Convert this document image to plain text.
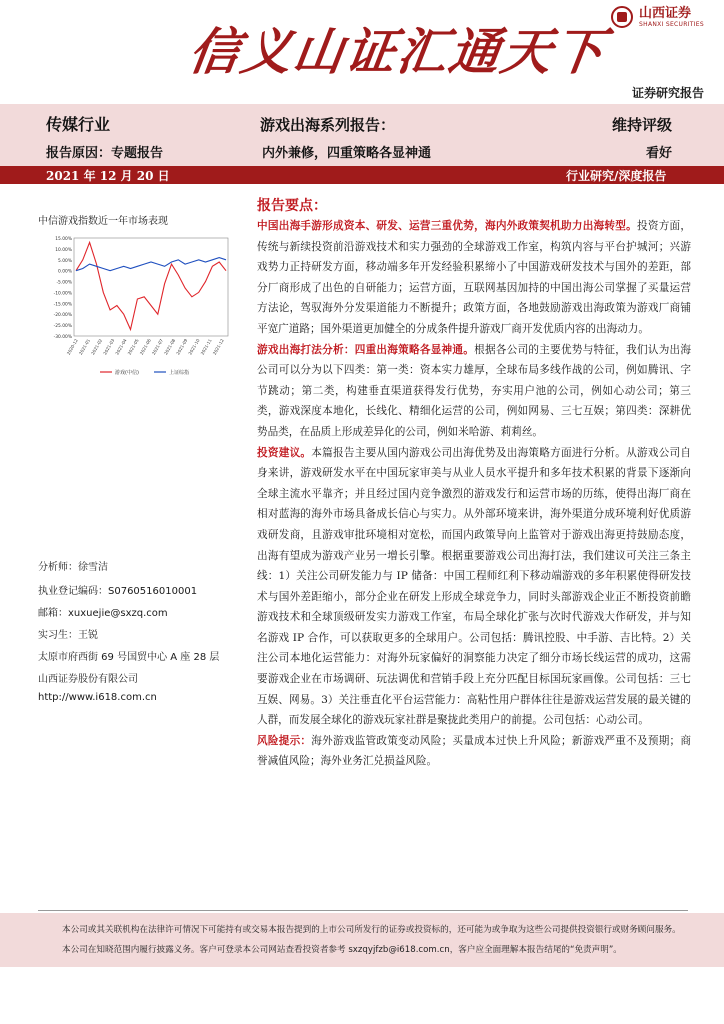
信义山证汇通天下
山西证券
SHANXI SECURITIES
证券研究报告
传媒行业	游戏出海系列报告：	维持评级
报告原因：专题报告	内外兼修，四重策略各显神通	看好
2021 年 12 月 20 日	行业研究/深度报告
中信游戏指数近一年市场表现
15.00%
10.00%
5.00%
0.00%
-5.00%
-10.00%
-15.00%
-20.00%
-25.00%
-30.00%
2020-12 2021-01 2021-02 2021-03 2021-04 2021-05 2021-06 2021-07 2021-08 2021-09 2021-10 2021-11 2021-12
游戏(中信)	上证综指
分析师：徐雪洁
执业登记编码：S0760516010001
邮箱：xuxuejie@sxzq.com
实习生：王锐
太原市府西街 69 号国贸中心 A 座 28 层
山西证券股份有限公司
http://www.i618.com.cn
报告要点：

中国出海手游形成资本、研发、运营三重优势，海内外政策契机助力出海转型。投资方面，传统与新续投资前沿游戏技术和实力强劲的全球游戏工作室，构筑内容与平台护城河；兴游戏势力正持研发方面，移动端多年开发经验积累缔小了中国游戏研发技术与国外的差距，部分厂商形成了出色的自研能力；运营方面，互联网基因加持的中国出海公司掌握了买量运营方法论，驾驭海外分发渠道能力不断提升；政策方面，各地鼓励游戏出海政策为游戏厂商铺平宽广道路；国外渠道更加健全的分成条件提升游戏厂商开发优质内容的出海动力。

游戏出海打法分析：四重出海策略各显神通。根据各公司的主要优势与特征，我们认为出海公司可以分为以下四类：第一类：资本实力雄厚，全球布局多线作战的公司，例如腾讯、字节跳动；第二类，构建垂直渠道获得发行优势，夯实用户池的公司，例如心动公司；第三类，游戏深度本地化，长线化、精细化运营的公司，例如网易、三七互娱；第四类：深耕优势品类，在品质上形成差异化的公司，例如米哈游、莉莉丝。

投资建议。本篇报告主要从国内游戏公司出海优势及出海策略方面进行分析。从游戏公司自身来讲，游戏研发水平在中国玩家审美与从业人员水平提升和多年技术积累的背景下逐渐向全球主流水平靠齐；并且经过国内竞争激烈的游戏发行和运营市场的历练，使得出海厂商在相对蓝海的海外市场具备成长信心与实力。从外部环境来讲，海外渠道分成环境利好优质游戏研发商，且游戏审批环境相对宽松，而国内政策导向上监管对于游戏出海更持鼓励态度，出海有望成为游戏产业另一增长引擎。根据重要游戏公司出海打法，我们建议可关注三条主线：1）关注公司研发能力与 IP 储备：中国工程师红利下移动端游戏的多年积累使得研发技术与国外差距缩小，部分企业在研发上形成全球竞争力，同时头部游戏企业正不断投资前瞻游戏技术和全球顶级研发实力游戏工作室，布局全球化扩张与次时代游戏大作研发，并与知名游戏 IP 合作，可以获取更多的全球用户。公司包括：腾讯控股、中手游、吉比特。2）关注公司本地化运营能力：对海外玩家偏好的洞察能力决定了细分市场长线运营的成功，这需要游戏企业在市场调研、玩法调优和营销手段上充分匹配目标国玩家画像。公司包括：三七互娱、网易。3）关注垂直化平台运营能力：高粘性用户群体往往是游戏运营发展的最关键的人群，而发展全球化的游戏玩家社群是聚拢此类用户的前提。公司包括：心动公司。

风险提示：海外游戏监管政策变动风险；买量成本过快上升风险；新游戏严重不及预期；商誉减值风险；海外业务汇兑损益风险。

本公司或其关联机构在法律许可情况下可能持有或交易本报告提到的上市公司所发行的证券或投资标的，还可能为或争取为这些公司提供投资银行或财务顾问服务。本公司在知晓范围内履行披露义务。客户可登录本公司网站查看投资者参考 sxzqyjfzb@i618.com.cn，客户应全面理解本报告结尾的“免责声明”。
